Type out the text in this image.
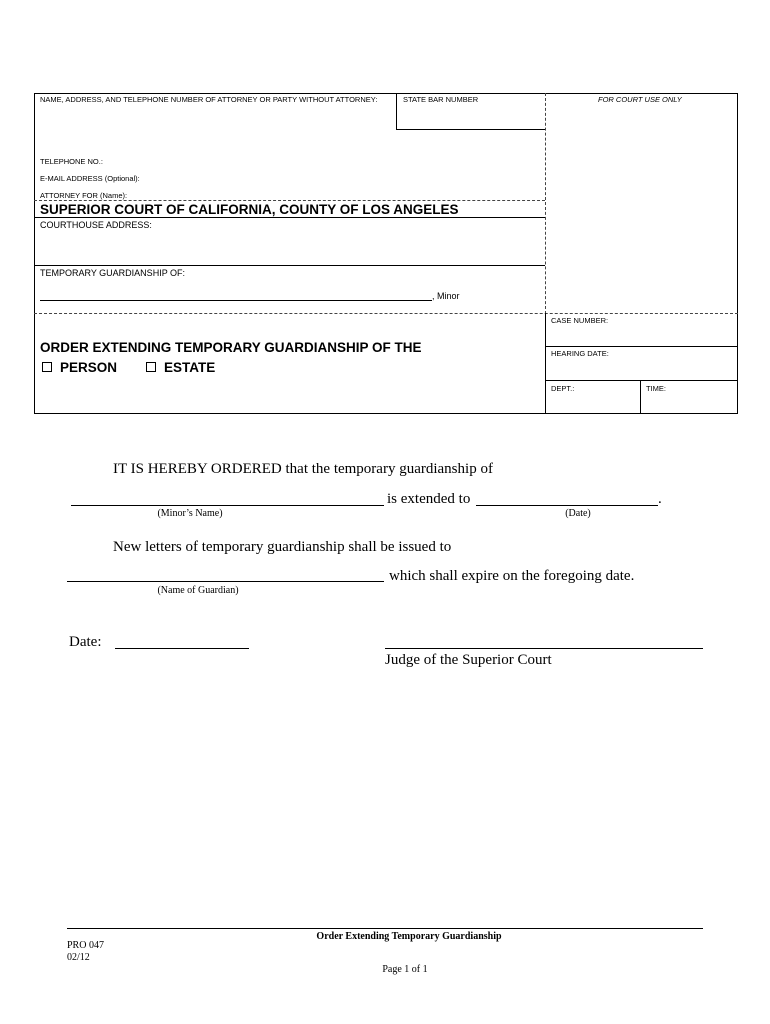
NAME, ADDRESS, AND TELEPHONE NUMBER OF ATTORNEY OR PARTY WITHOUT ATTORNEY:	STATE BAR NUMBER	FOR COURT USE ONLY
TELEPHONE NO.:
E-MAIL ADDRESS (Optional):
ATTORNEY FOR (Name):
SUPERIOR COURT OF CALIFORNIA, COUNTY OF LOS ANGELES
COURTHOUSE ADDRESS:
TEMPORARY GUARDIANSHIP OF:
, Minor
ORDER EXTENDING TEMPORARY GUARDIANSHIP OF THE
PERSON	ESTATE
CASE NUMBER:
HEARING DATE:
DEPT.:	TIME:
IT IS HEREBY ORDERED that the temporary guardianship of
is extended to	.
(Minor’s Name)	(Date)
New letters of temporary guardianship shall be issued to
which shall expire on the foregoing date.
(Name of Guardian)
Date:
Judge of the Superior Court
Order Extending Temporary Guardianship
PRO 047
02/12
Page 1 of 1
